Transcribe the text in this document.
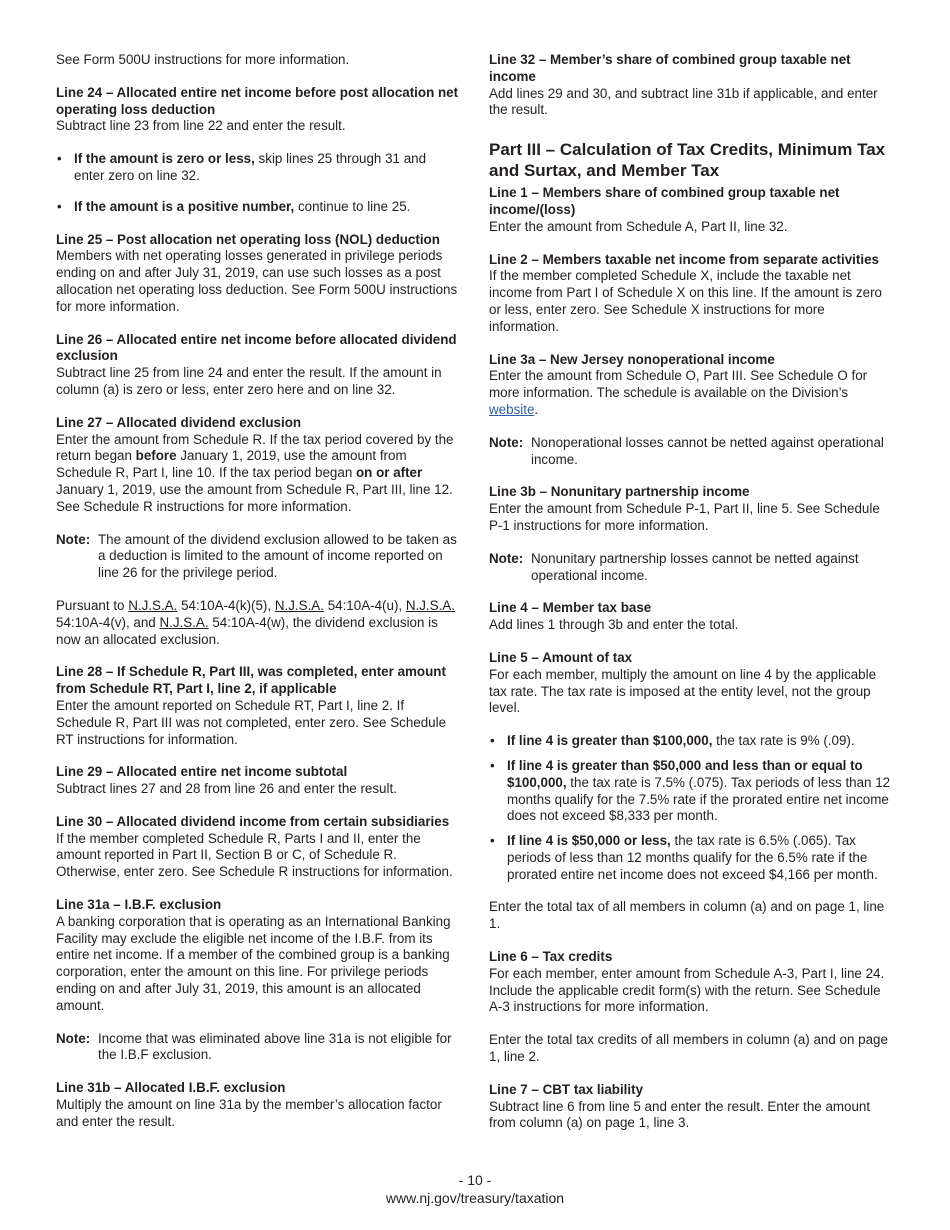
See Form 500U instructions for more information.

Line 24 – Allocated entire net income before post allocation net operating loss deduction

Subtract line 23 from line 22 and enter the result.

• If the amount is zero or less, skip lines 25 through 31 and enter zero on line 32.
• If the amount is a positive number, continue to line 25.

Line 25 – Post allocation net operating loss (NOL) deduction

Members with net operating losses generated in privilege periods ending on and after July 31, 2019, can use such losses as a post allocation net operating loss deduction. See Form 500U instructions for more information.

Line 26 – Allocated entire net income before allocated dividend exclusion

Subtract line 25 from line 24 and enter the result. If the amount in column (a) is zero or less, enter zero here and on line 32.

Line 27 – Allocated dividend exclusion

Enter the amount from Schedule R. If the tax period covered by the return began before January 1, 2019, use the amount from Schedule R, Part I, line 10. If the tax period began on or after January 1, 2019, use the amount from Schedule R, Part III, line 12. See Schedule R instructions for more information.

Note: The amount of the dividend exclusion allowed to be taken as a deduction is limited to the amount of income reported on line 26 for the privilege period.

Pursuant to N.J.S.A. 54:10A-4(k)(5), N.J.S.A. 54:10A-4(u), N.J.S.A. 54:10A-4(v), and N.J.S.A. 54:10A-4(w), the dividend exclusion is now an allocated exclusion.

Line 28 – If Schedule R, Part III, was completed, enter amount from Schedule RT, Part I, line 2, if applicable

Enter the amount reported on Schedule RT, Part I, line 2. If Schedule R, Part III was not completed, enter zero. See Schedule RT instructions for information.

Line 29 – Allocated entire net income subtotal

Subtract lines 27 and 28 from line 26 and enter the result.

Line 30 – Allocated dividend income from certain subsidiaries

If the member completed Schedule R, Parts I and II, enter the amount reported in Part II, Section B or C, of Schedule R. Otherwise, enter zero. See Schedule R instructions for information.

Line 31a – I.B.F. exclusion

A banking corporation that is operating as an International Banking Facility may exclude the eligible net income of the I.B.F. from its entire net income. If a member of the combined group is a banking corporation, enter the amount on this line. For privilege periods ending on and after July 31, 2019, this amount is an allocated amount.

Note: Income that was eliminated above line 31a is not eligible for the I.B.F exclusion.

Line 31b – Allocated I.B.F. exclusion

Multiply the amount on line 31a by the member’s allocation factor and enter the result.

Line 32 – Member’s share of combined group taxable net income

Add lines 29 and 30, and subtract line 31b if applicable, and enter the result.

Part III – Calculation of Tax Credits, Minimum Tax and Surtax, and Member Tax

Line 1 – Members share of combined group taxable net income/(loss)

Enter the amount from Schedule A, Part II, line 32.

Line 2 – Members taxable net income from separate activities

If the member completed Schedule X, include the taxable net income from Part I of Schedule X on this line. If the amount is zero or less, enter zero. See Schedule X instructions for more information.

Line 3a – New Jersey nonoperational income

Enter the amount from Schedule O, Part III. See Schedule O for more information. The schedule is available on the Division’s website.

Note: Nonoperational losses cannot be netted against operational income.

Line 3b – Nonunitary partnership income

Enter the amount from Schedule P-1, Part II, line 5. See Schedule P-1 instructions for more information.

Note: Nonunitary partnership losses cannot be netted against operational income.

Line 4 – Member tax base

Add lines 1 through 3b and enter the total.

Line 5 – Amount of tax

For each member, multiply the amount on line 4 by the applicable tax rate. The tax rate is imposed at the entity level, not the group level.

• If line 4 is greater than $100,000, the tax rate is 9% (.09).
• If line 4 is greater than $50,000 and less than or equal to $100,000, the tax rate is 7.5% (.075). Tax periods of less than 12 months qualify for the 7.5% rate if the prorated entire net income does not exceed $8,333 per month.
• If line 4 is $50,000 or less, the tax rate is 6.5% (.065). Tax periods of less than 12 months qualify for the 6.5% rate if the prorated entire net income does not exceed $4,166 per month.

Enter the total tax of all members in column (a) and on page 1, line 1.

Line 6 – Tax credits

For each member, enter amount from Schedule A-3, Part I, line 24. Include the applicable credit form(s) with the return. See Schedule A-3 instructions for more information.

Enter the total tax credits of all members in column (a) and on page 1, line 2.

Line 7 – CBT tax liability

Subtract line 6 from line 5 and enter the result. Enter the amount from column (a) on page 1, line 3.

- 10 -
www.nj.gov/treasury/taxation
